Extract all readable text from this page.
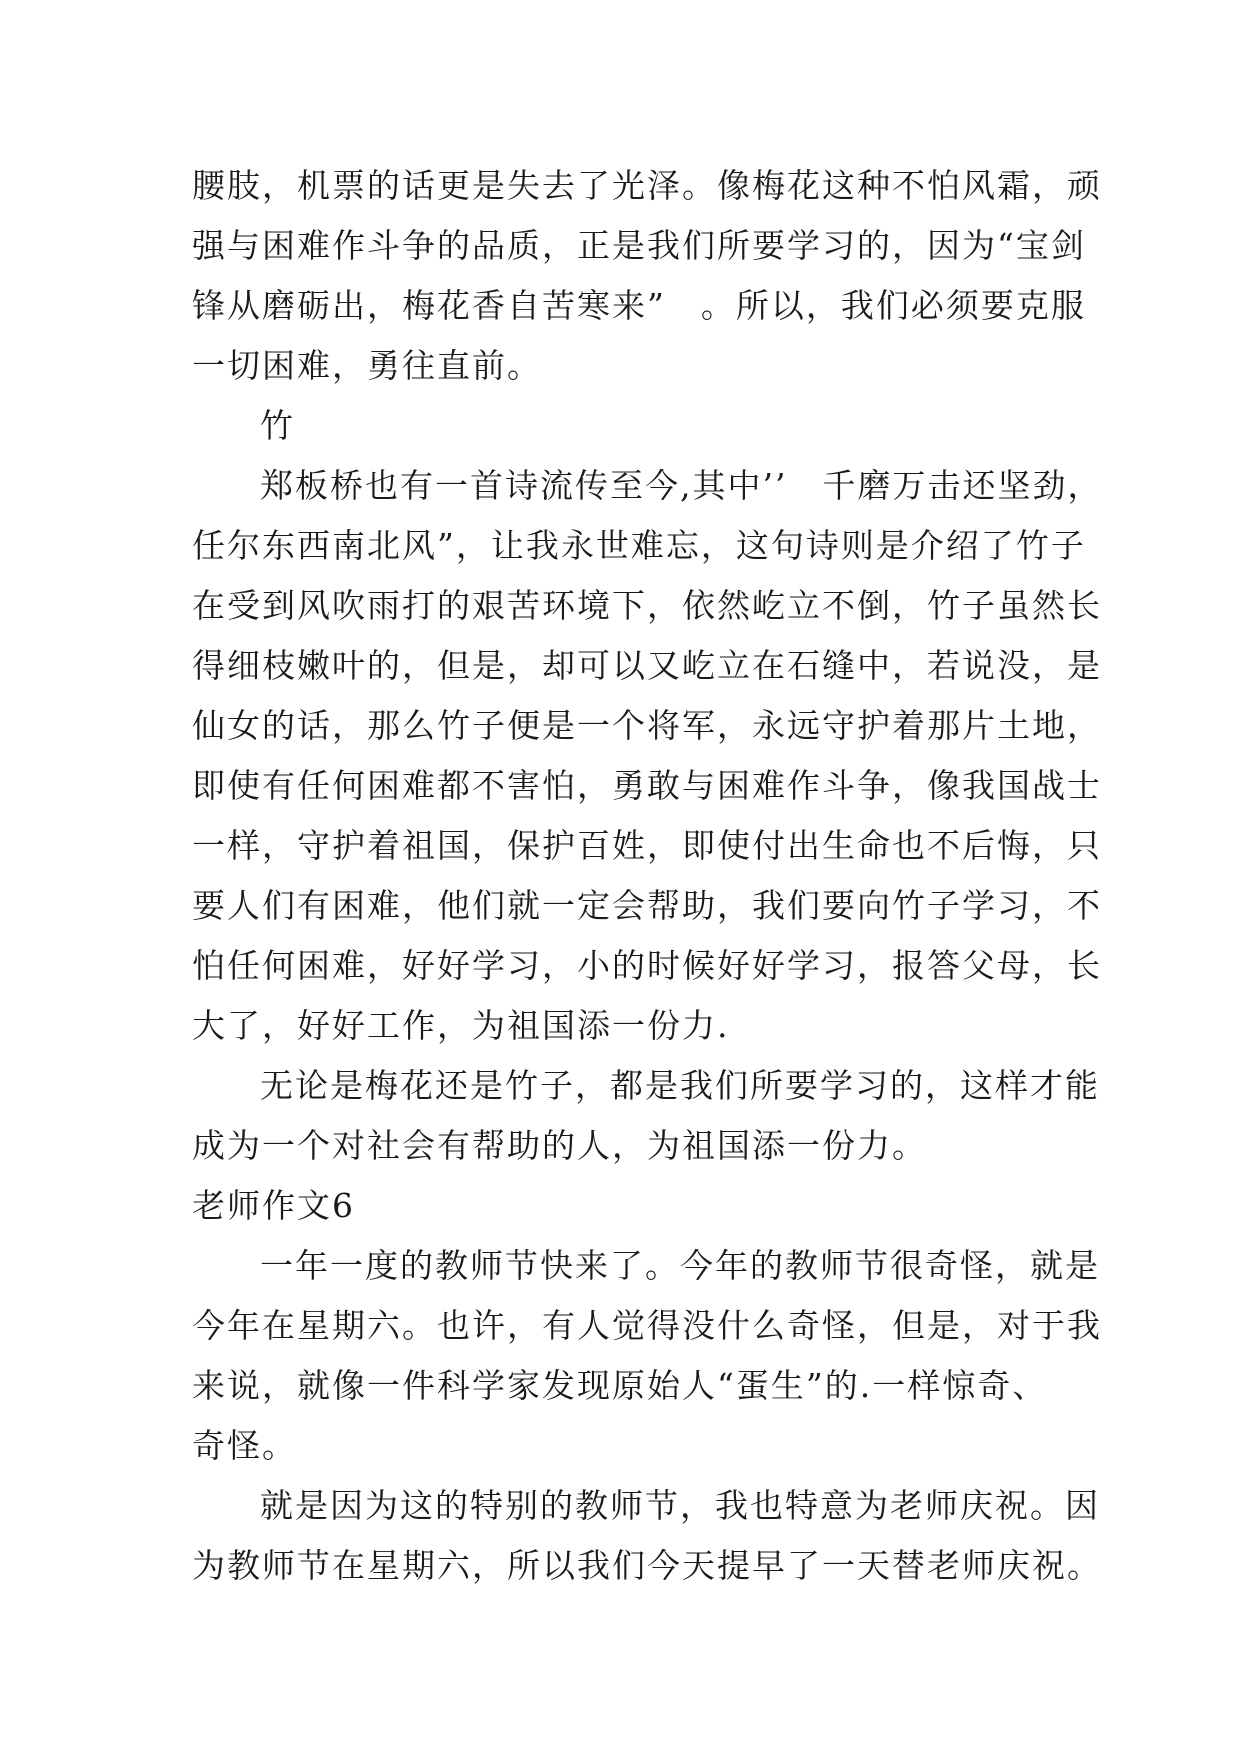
腰肢，机票的话更是失去了光泽。像梅花这种不怕风霜，顽
强与困难作斗争的品质，正是我们所要学习的，因为“宝剑
锋从磨砺出，梅花香自苦寒来”　。所以，我们必须要克服
一切困难，勇往直前。
竹
郑板桥也有一首诗流传至今,其中’’　千磨万击还坚劲，
任尔东西南北风”，让我永世难忘，这句诗则是介绍了竹子
在受到风吹雨打的艰苦环境下，依然屹立不倒，竹子虽然长
得细枝嫩叶的，但是，却可以又屹立在石缝中，若说没，是
仙女的话，那么竹子便是一个将军，永远守护着那片土地，
即使有任何困难都不害怕，勇敢与困难作斗争，像我国战士
一样，守护着祖国，保护百姓，即使付出生命也不后悔，只
要人们有困难，他们就一定会帮助，我们要向竹子学习，不
怕任何困难，好好学习，小的时候好好学习，报答父母，长
大了，好好工作，为祖国添一份力.
无论是梅花还是竹子，都是我们所要学习的，这样才能
成为一个对社会有帮助的人，为祖国添一份力。
老师作文6
一年一度的教师节快来了。今年的教师节很奇怪，就是
今年在星期六。也许，有人觉得没什么奇怪，但是，对于我
来说，就像一件科学家发现原始人“蛋生”的.一样惊奇、
奇怪。
就是因为这的特别的教师节，我也特意为老师庆祝。因
为教师节在星期六，所以我们今天提早了一天替老师庆祝。
